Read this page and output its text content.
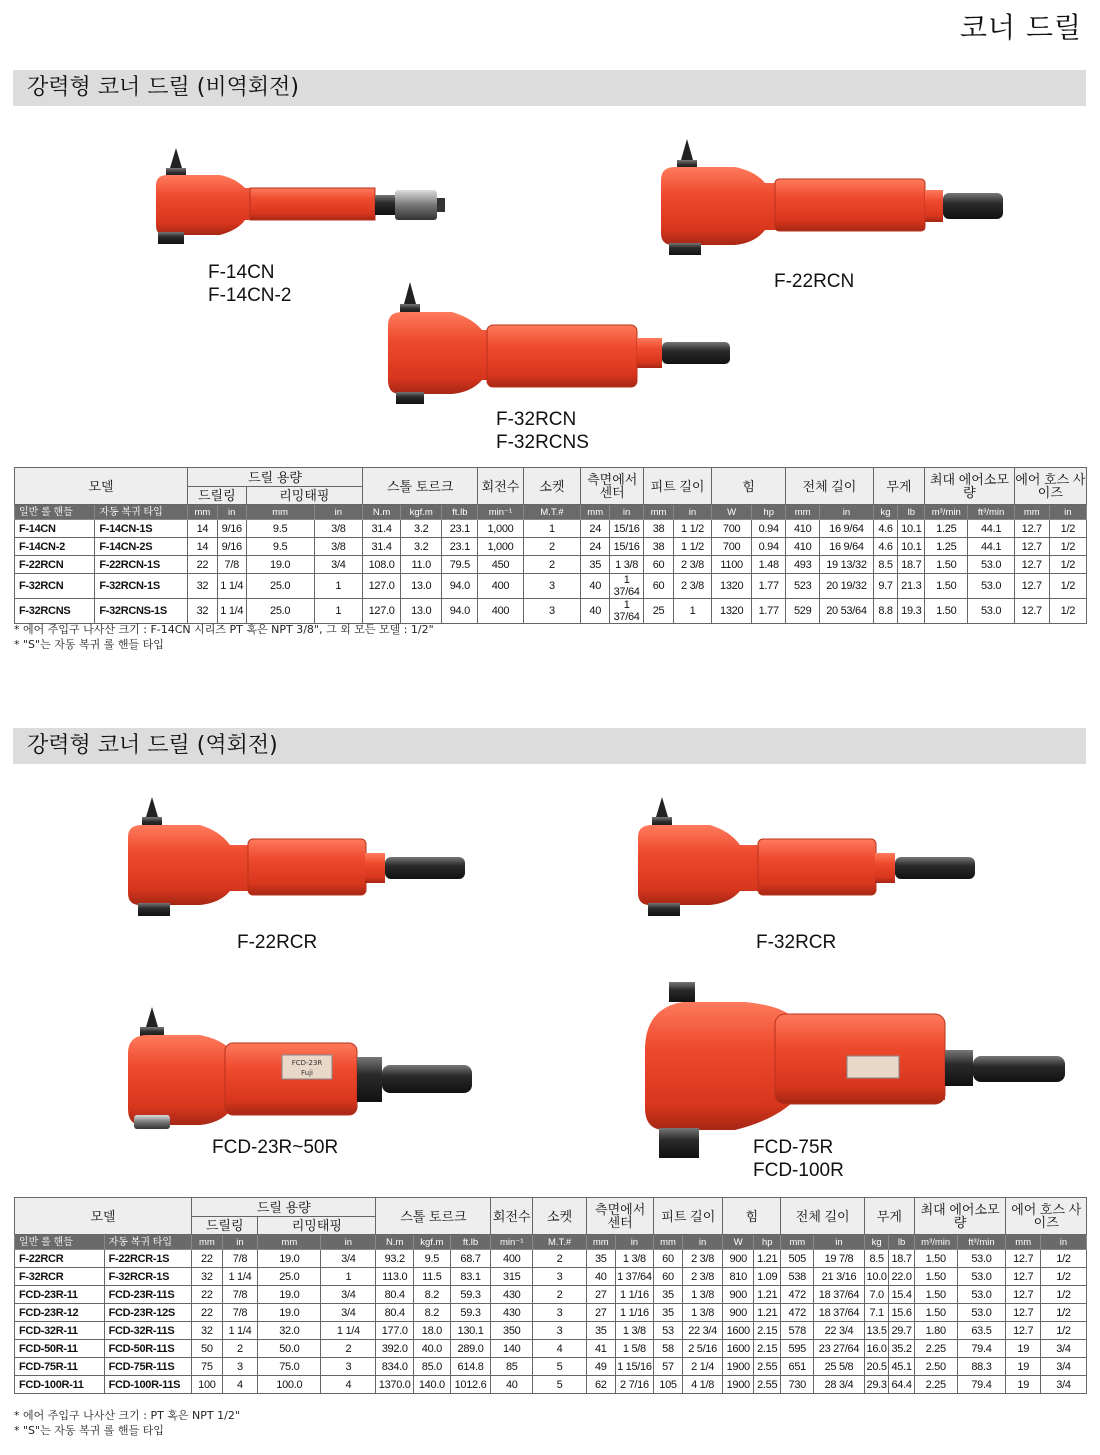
코너 드릴
강력형 코너 드릴 (비역회전)
F-14CN
F-14CN-2
F-22RCN
F-32RCN
F-32RCNS
모델		드릴 용량				스톨 토르크			회전수	소켓	측면에서 센터		피트 길이		힘		전체 길이		무게		최대 에어소모량		에어 호스 사이즈	
		드릴링		리밍태핑																				
일반 롤 핸들	자동 복귀 타입	mm	in	mm	in	N.m	kgf.m	ft.lb	min⁻¹	M.T.#	mm	in	mm	in	W	hp	mm	in	kg	lb	m³/min	ft³/min	mm	in
F-14CN	F-14CN-1S	14	9/16	9.5	3/8	31.4	3.2	23.1	1,000	1	24	15/16	38	1 1/2	700	0.94	410	16 9/64	4.6	10.1	1.25	44.1	12.7	1/2
F-14CN-2	F-14CN-2S	14	9/16	9.5	3/8	31.4	3.2	23.1	1,000	2	24	15/16	38	1 1/2	700	0.94	410	16 9/64	4.6	10.1	1.25	44.1	12.7	1/2
F-22RCN	F-22RCN-1S	22	7/8	19.0	3/4	108.0	11.0	79.5	450	2	35	1 3/8	60	2 3/8	1100	1.48	493	19 13/32	8.5	18.7	1.50	53.0	12.7	1/2
F-32RCN	F-32RCN-1S	32	1 1/4	25.0	1	127.0	13.0	94.0	400	3	40	1 37/64	60	2 3/8	1320	1.77	523	20 19/32	9.7	21.3	1.50	53.0	12.7	1/2
F-32RCNS	F-32RCNS-1S	32	1 1/4	25.0	1	127.0	13.0	94.0	400	3	40	1 37/64	25	1	1320	1.77	529	20 53/64	8.8	19.3	1.50	53.0	12.7	1/2
* 에어 주입구 나사산 크기 : F-14CN 시리즈 PT 혹은 NPT 3/8", 그 외 모든 모델 : 1/2"
* "S"는 자동 복귀 롤 핸들 타입
강력형 코너 드릴 (역회전)
F-22RCR	F-32RCR
FCD-23R
Fuji
FCD-23R~50R	FCD-75R
FCD-100R
모델		드릴 용량				스톨 토르크			회전수	소켓	측면에서 센터		피트 길이		힘		전체 길이		무게		최대 에어소모량		에어 호스 사이즈	
		드릴링		리밍태핑																				
일반 롤 핸들	자동 복귀 타입	mm	in	mm	in	N.m	kgf.m	ft.lb	min⁻¹	M.T.#	mm	in	mm	in	W	hp	mm	in	kg	lb	m³/min	ft³/min	mm	in
F-22RCR	F-22RCR-1S	22	7/8	19.0	3/4	93.2	9.5	68.7	400	2	35	1 3/8	60	2 3/8	900	1.21	505	19 7/8	8.5	18.7	1.50	53.0	12.7	1/2
F-32RCR	F-32RCR-1S	32	1 1/4	25.0	1	113.0	11.5	83.1	315	3	40	1 37/64	60	2 3/8	810	1.09	538	21 3/16	10.0	22.0	1.50	53.0	12.7	1/2
FCD-23R-11	FCD-23R-11S	22	7/8	19.0	3/4	80.4	8.2	59.3	430	2	27	1 1/16	35	1 3/8	900	1.21	472	18 37/64	7.0	15.4	1.50	53.0	12.7	1/2
FCD-23R-12	FCD-23R-12S	22	7/8	19.0	3/4	80.4	8.2	59.3	430	3	27	1 1/16	35	1 3/8	900	1.21	472	18 37/64	7.1	15.6	1.50	53.0	12.7	1/2
FCD-32R-11	FCD-32R-11S	32	1 1/4	32.0	1 1/4	177.0	18.0	130.1	350	3	35	1 3/8	53	22 3/4	1600	2.15	578	22 3/4	13.5	29.7	1.80	63.5	12.7	1/2
FCD-50R-11	FCD-50R-11S	50	2	50.0	2	392.0	40.0	289.0	140	4	41	1 5/8	58	2 5/16	1600	2.15	595	23 27/64	16.0	35.2	2.25	79.4	19	3/4
FCD-75R-11	FCD-75R-11S	75	3	75.0	3	834.0	85.0	614.8	85	5	49	1 15/16	57	2 1/4	1900	2.55	651	25 5/8	20.5	45.1	2.50	88.3	19	3/4
FCD-100R-11	FCD-100R-11S	100	4	100.0	4	1370.0	140.0	1012.6	40	5	62	2 7/16	105	4 1/8	1900	2.55	730	28 3/4	29.3	64.4	2.25	79.4	19	3/4
* 에어 주입구 나사산 크기 : PT 혹은 NPT 1/2"
* "S"는 자동 복귀 롤 핸들 타입
